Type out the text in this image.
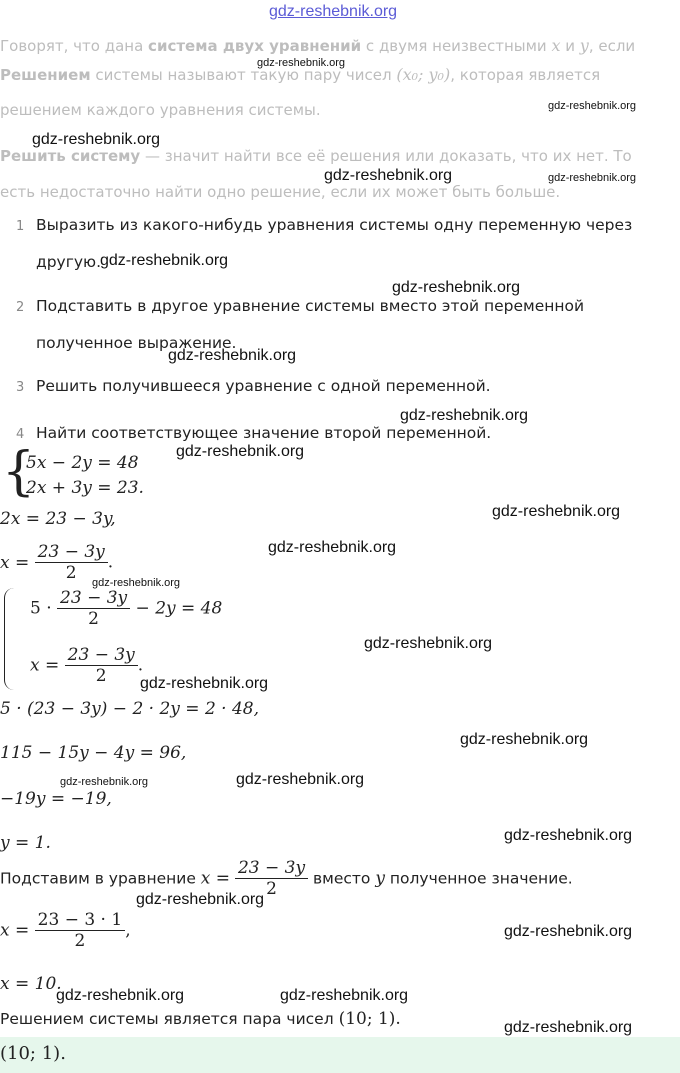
gdz-reshebnik.org
Говорят, что дана система двух уравнений с двумя неизвестными x и y, если
Решением системы называют такую пару чисел (x₀; y₀), которая является
решением каждого уравнения системы.
Решить систему — значит найти все её решения или доказать, что их нет. То
есть недостаточно найти одно решение, если их может быть больше.
1 Выразить из какого-нибудь уравнения системы одну переменную через
другую.
2 Подставить в другое уравнение системы вместо этой переменной
полученное выражение.
3 Решить получившееся уравнение с одной переменной.
4 Найти соответствующее значение второй переменной.
{
5x − 2y = 48
2x + 3y = 23.
2x = 23 − 3y,
$x = \frac{23 - 3y}{2}$ .
$5 \cdot \frac{23 - 3y}{2} - 2y = 48$
$x = \frac{23 - 3y}{2}$ .
5 · (23 − 3y) − 2 · 2y = 2 · 48,
115 − 15y − 4y = 96,
−19y = −19,
y = 1.
Подставим в уравнение $x = \frac{23 - 3y}{2}$ вместо y полученное значение.
$x = \frac{23 - 3 \cdot 1}{2}$ ,
x = 10.
Решением системы является пара чисел (10; 1).
(10; 1).
gdz-reshebnik.org
gdz-reshebnik.org
gdz-reshebnik.org
gdz-reshebnik.org	gdz-reshebnik.org
gdz-reshebnik.org
gdz-reshebnik.org
gdz-reshebnik.org
gdz-reshebnik.org
gdz-reshebnik.org
gdz-reshebnik.org
gdz-reshebnik.org
gdz-reshebnik.org
gdz-reshebnik.org
gdz-reshebnik.org
gdz-reshebnik.org
gdz-reshebnik.org	gdz-reshebnik.org
gdz-reshebnik.org
gdz-reshebnik.org
gdz-reshebnik.org
gdz-reshebnik.org	gdz-reshebnik.org
gdz-reshebnik.org
